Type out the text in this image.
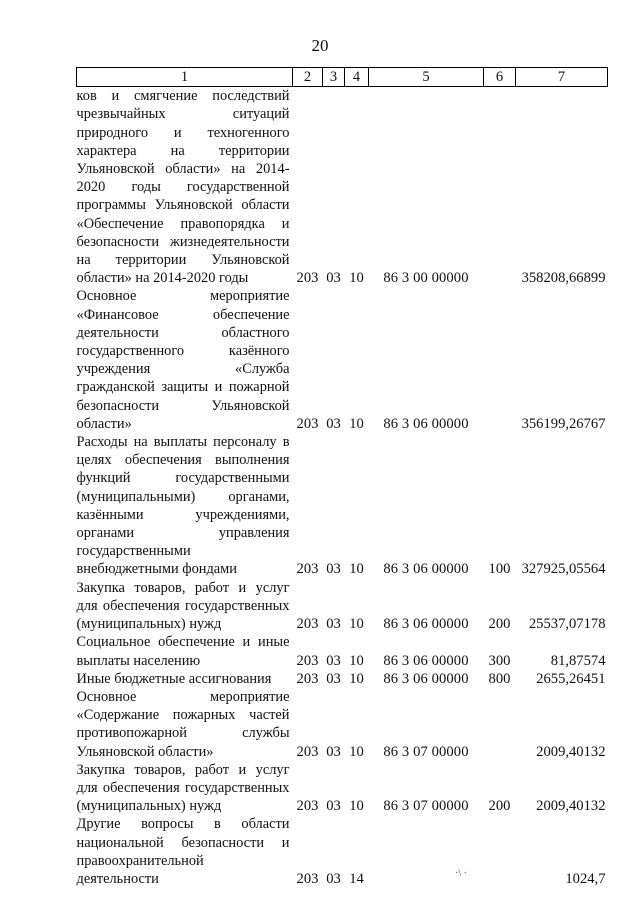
20
1	2	3	4	5	6	7
ков и смягчение последствий чрезвычайных ситуаций природного и техногенного характера на территории Ульяновской области» на 2014-2020 годы государственной программы Ульяновской области «Обеспечение правопорядка и безопасности жизнедеятельности на территории Ульяновской области» на 2014-2020 годы	203	03	10	86 3 00 00000		358208,66899
Основное мероприятие «Финансовое обеспечение деятельности областного государственного казённого учреждения «Служба гражданской защиты и пожарной безопасности Ульяновской области»	203	03	10	86 3 06 00000		356199,26767
Расходы на выплаты персоналу в целях обеспечения выполнения функций государственными (муниципальными) органами, казёнными учреждениями, органами управления государственными внебюджетными фондами	203	03	10	86 3 06 00000	100	327925,05564
Закупка товаров, работ и услуг для обеспечения государственных (муниципальных) нужд	203	03	10	86 3 06 00000	200	25537,07178
Социальное обеспечение и иные выплаты населению	203	03	10	86 3 06 00000	300	81,87574
Иные бюджетные ассигнования	203	03	10	86 3 06 00000	800	2655,26451
Основное мероприятие «Содержание пожарных частей противопожарной службы Ульяновской области»	203	03	10	86 3 07 00000		2009,40132
Закупка товаров, работ и услуг для обеспечения государственных (муниципальных) нужд	203	03	10	86 3 07 00000	200	2009,40132
Другие вопросы в области национальной безопасности и правоохранительной деятельности	203	03	14			1024,7
·\ ·
